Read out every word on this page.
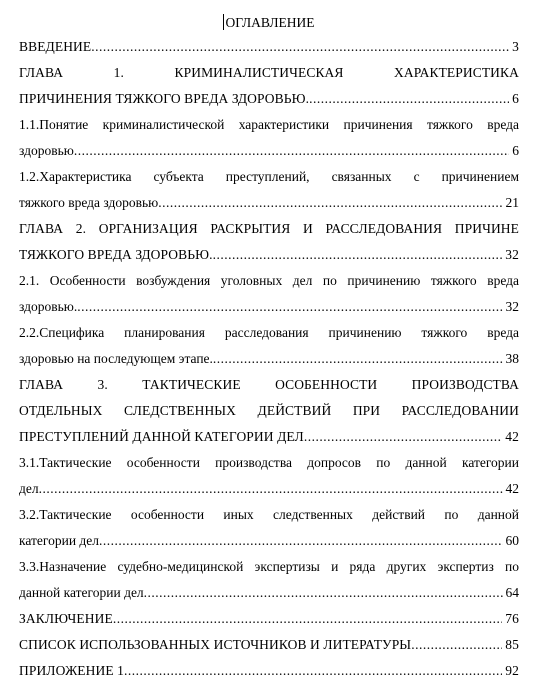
ОГЛАВЛЕНИЕ
ВВЕДЕНИЕ .....	3
ГЛАВА 1. КРИМИНАЛИСТИЧЕСКАЯ ХАРАКТЕРИСТИКА
ПРИЧИНЕНИЯ ТЯЖКОГО ВРЕДА ЗДОРОВЬЮ. .....	6
1.1.Понятие криминалистической характеристики причинения тяжкого вреда
здоровью .....	6
1.2.Характеристика субъекта преступлений, связанных с причинением
тяжкого вреда здоровью .....	21
ГЛАВА 2. ОРГАНИЗАЦИЯ РАСКРЫТИЯ И РАССЛЕДОВАНИЯ ПРИЧИНЕ
ТЯЖКОГО ВРЕДА ЗДОРОВЬЮ. .....	32
2.1. Особенности возбуждения уголовных дел по причинению тяжкого вреда
здоровью. .....	32
2.2.Специфика планирования расследования причинению тяжкого вреда
здоровью на последующем этапе. .....	38
ГЛАВА 3. ТАКТИЧЕСКИЕ ОСОБЕННОСТИ ПРОИЗВОДСТВА
ОТДЕЛЬНЫХ СЛЕДСТВЕННЫХ ДЕЙСТВИЙ ПРИ РАССЛЕДОВАНИИ
ПРЕСТУПЛЕНИЙ ДАННОЙ КАТЕГОРИИ ДЕЛ .....	42
3.1.Тактические особенности производства допросов по данной категории
дел .....	42
3.2.Тактические особенности иных следственных действий по данной
категории дел .....	60
3.3.Назначение судебно-медицинской экспертизы и ряда других экспертиз по
данной категории дел .....	64
ЗАКЛЮЧЕНИЕ .....	76
СПИСОК ИСПОЛЬЗОВАННЫХ ИСТОЧНИКОВ И ЛИТЕРАТУРЫ .....	85
ПРИЛОЖЕНИЕ 1 .....	92
